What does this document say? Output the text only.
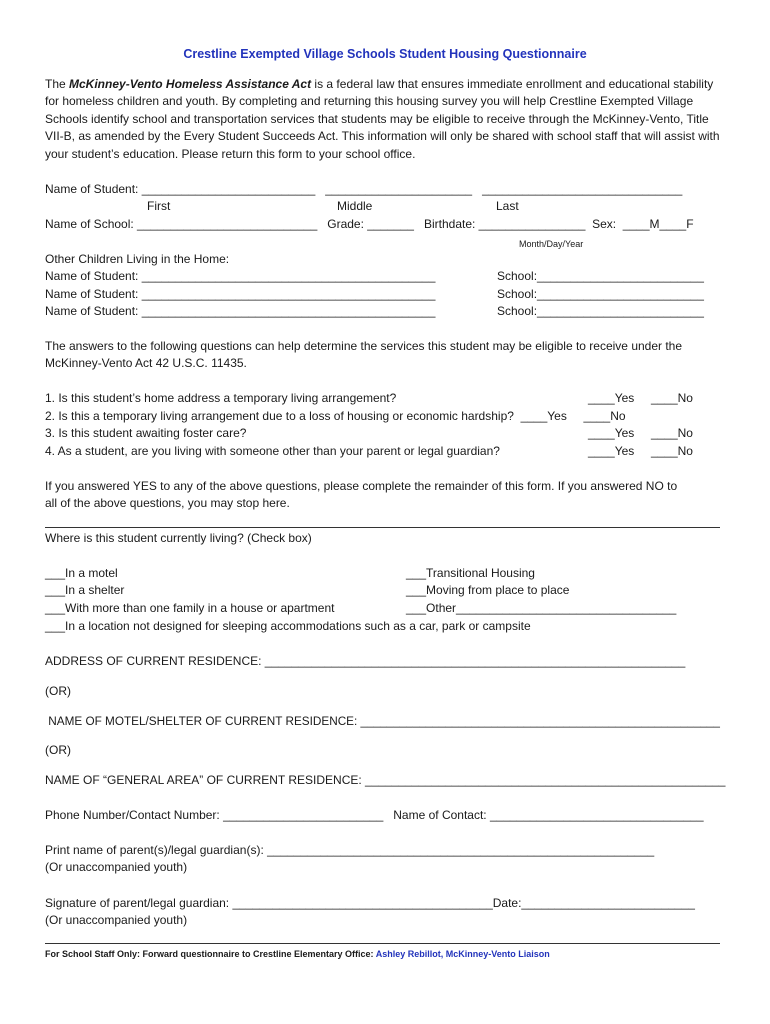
Crestline Exempted Village Schools Student Housing Questionnaire
The McKinney-Vento Homeless Assistance Act is a federal law that ensures immediate enrollment and educational stability for homeless children and youth. By completing and returning this housing survey you will help Crestline Exempted Village Schools identify school and transportation services that students may be eligible to receive through the McKinney-Vento, Title VII-B, as amended by the Every Student Succeeds Act. This information will only be shared with school staff that will assist with your student’s education. Please return this form to your school office.
Name of Student: __________________________   ______________________   ______________________________
First	Middle	Last
Name of School: ___________________________   Grade: _______   Birthdate: ________________  Sex:  ____M____F
Month/Day/Year
Other Children Living in the Home:
Name of Student: ____________________________________________	School:_________________________
Name of Student: ____________________________________________	School:_________________________
Name of Student: ____________________________________________	School:_________________________
The answers to the following questions can help determine the services this student may be eligible to receive under the
McKinney-Vento Act 42 U.S.C. 11435.
1. Is this student’s home address a temporary living arrangement?	____Yes     ____No
2. Is this a temporary living arrangement due to a loss of housing or economic hardship?  ____Yes     ____No
3. Is this student awaiting foster care?	____Yes     ____No
4. As a student, are you living with someone other than your parent or legal guardian?	____Yes     ____No
If you answered YES to any of the above questions, please complete the remainder of this form. If you answered NO to
all of the above questions, you may stop here.
Where is this student currently living? (Check box)
___In a motel	___Transitional Housing
___In a shelter	___Moving from place to place
___With more than one family in a house or apartment	___Other_________________________________
___In a location not designed for sleeping accommodations such as a car, park or campsite
ADDRESS OF CURRENT RESIDENCE: _______________________________________________________________
(OR)
NAME OF MOTEL/SHELTER OF CURRENT RESIDENCE: _______________________________________________________
(OR)
NAME OF “GENERAL AREA” OF CURRENT RESIDENCE: ______________________________________________________
Phone Number/Contact Number: ________________________   Name of Contact: ________________________________
Print name of parent(s)/legal guardian(s): __________________________________________________________
(Or unaccompanied youth)
Signature of parent/legal guardian: _______________________________________Date:__________________________
(Or unaccompanied youth)
For School Staff Only: Forward questionnaire to Crestline Elementary Office: Ashley Rebillot, McKinney-Vento Liaison
